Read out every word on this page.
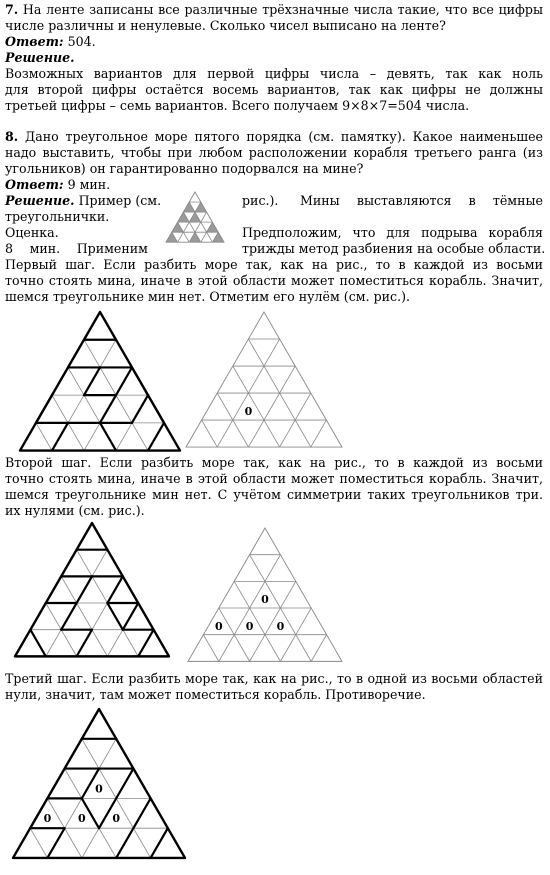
7. На ленте записаны все различные трёхзначные числа такие, что все цифры

числе различны и ненулевые. Сколько чисел выписано на ленте?

Ответ: 504.

Решение.

Возможных вариантов для первой цифры числа – девять, так как ноль

для второй цифры остаётся восемь вариантов, так как цифры не должны

третьей цифры – семь вариантов. Всего получаем 9×8×7=504 числа.

8. Дано треугольное море пятого порядка (см. памятку). Какое наименьшее

надо выставить, чтобы при любом расположении корабля третьего ранга (из

угольников) он гарантированно подорвался на мине?

Ответ: 9 мин.

Решение. Пример (см.	рис.). Мины выставляются в тёмные

треугольнички.

Оценка.	Предположим, что для подрыва корабля

8 мин. Применим	трижды метод разбиения на особые области.

Первый шаг. Если разбить море так, как на рис., то в каждой из восьми

точно стоять мина, иначе в этой области может поместиться корабль. Значит,

шемся треугольнике мин нет. Отметим его нулём (см. рис.).

0

Второй шаг. Если разбить море так, как на рис., то в каждой из восьми

точно стоять мина, иначе в этой области может поместиться корабль. Значит,

шемся треугольнике мин нет. С учётом симметрии таких треугольников три.

их нулями (см. рис.).

0
0
0	0

Третий шаг. Если разбить море так, как на рис., то в одной из восьми областей

нули, значит, там может поместиться корабль. Противоречие.

0
0
0	0
